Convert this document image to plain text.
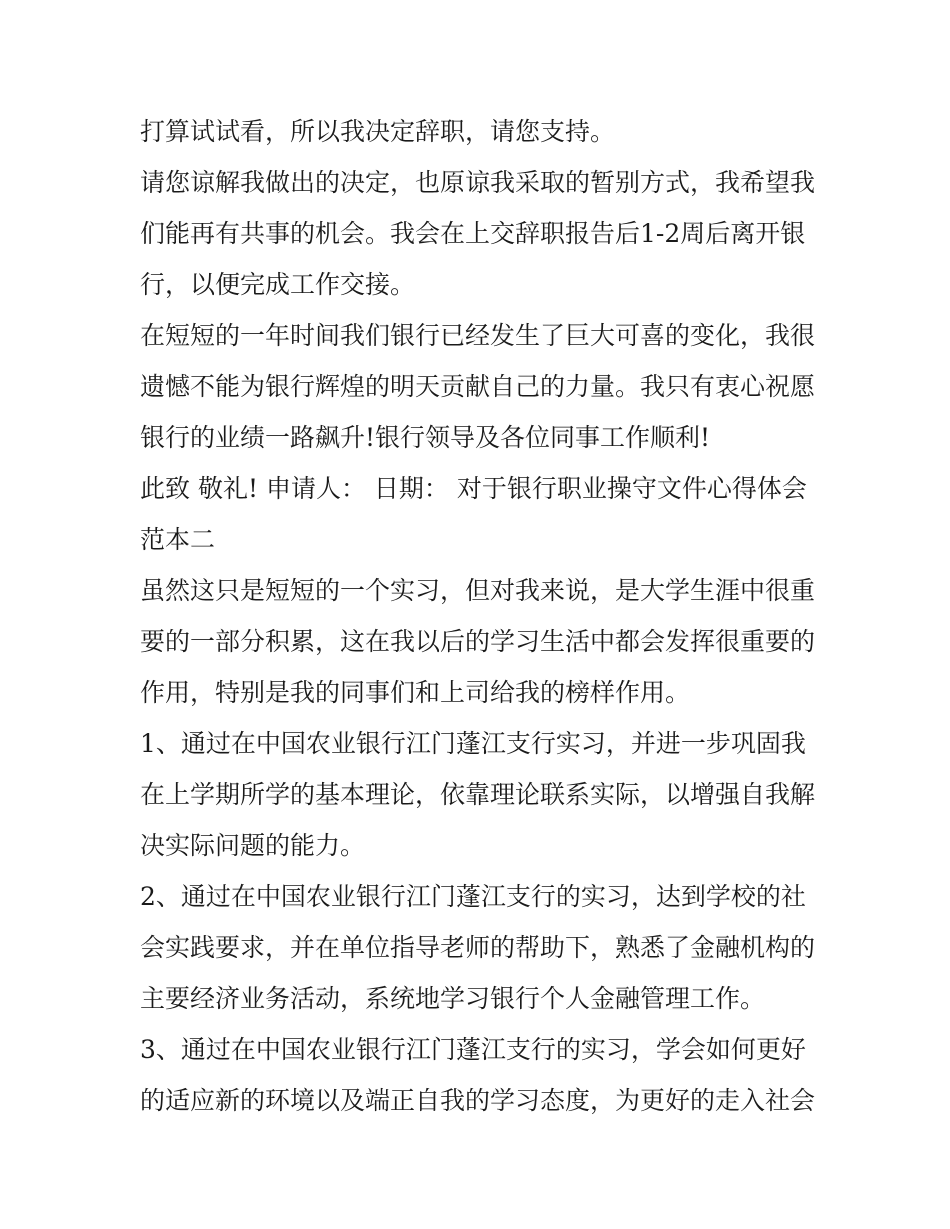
打算试试看，所以我决定辞职，请您支持。
请您谅解我做出的决定，也原谅我采取的暂别方式，我希望我
们能再有共事的机会。我会在上交辞职报告后1-2周后离开银
行，以便完成工作交接。
在短短的一年时间我们银行已经发生了巨大可喜的变化，我很
遗憾不能为银行辉煌的明天贡献自己的力量。我只有衷心祝愿
银行的业绩一路飙升!银行领导及各位同事工作顺利!
此致 敬礼! 申请人： 日期： 对于银行职业操守文件心得体会
范本二
虽然这只是短短的一个实习，但对我来说，是大学生涯中很重
要的一部分积累，这在我以后的学习生活中都会发挥很重要的
作用，特别是我的同事们和上司给我的榜样作用。
1、通过在中国农业银行江门蓬江支行实习，并进一步巩固我
在上学期所学的基本理论，依靠理论联系实际，以增强自我解
决实际问题的能力。
2、通过在中国农业银行江门蓬江支行的实习，达到学校的社
会实践要求，并在单位指导老师的帮助下，熟悉了金融机构的
主要经济业务活动，系统地学习银行个人金融管理工作。
3、通过在中国农业银行江门蓬江支行的实习，学会如何更好
的适应新的环境以及端正自我的学习态度，为更好的走入社会
